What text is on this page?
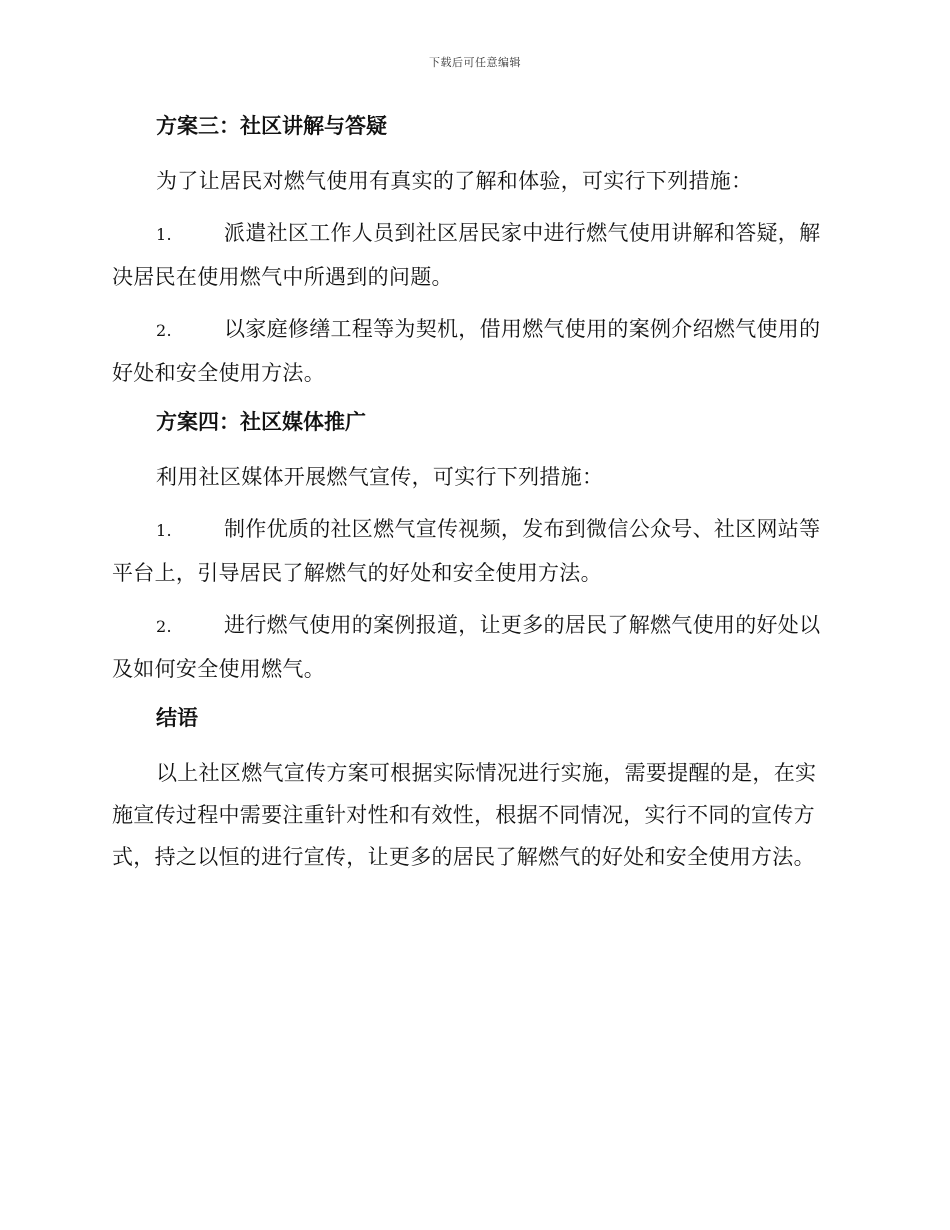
下载后可任意编辑
方案三：社区讲解与答疑

为了让居民对燃气使用有真实的了解和体验，可实行下列措施：

1. 派遣社区工作人员到社区居民家中进行燃气使用讲解和答疑，解决居民在使用燃气中所遇到的问题。

2. 以家庭修缮工程等为契机，借用燃气使用的案例介绍燃气使用的好处和安全使用方法。

方案四：社区媒体推广

利用社区媒体开展燃气宣传，可实行下列措施：

1. 制作优质的社区燃气宣传视频，发布到微信公众号、社区网站等平台上，引导居民了解燃气的好处和安全使用方法。

2. 进行燃气使用的案例报道，让更多的居民了解燃气使用的好处以及如何安全使用燃气。

结语

以上社区燃气宣传方案可根据实际情况进行实施，需要提醒的是，在实施宣传过程中需要注重针对性和有效性，根据不同情况，实行不同的宣传方式，持之以恒的进行宣传，让更多的居民了解燃气的好处和安全使用方法。
